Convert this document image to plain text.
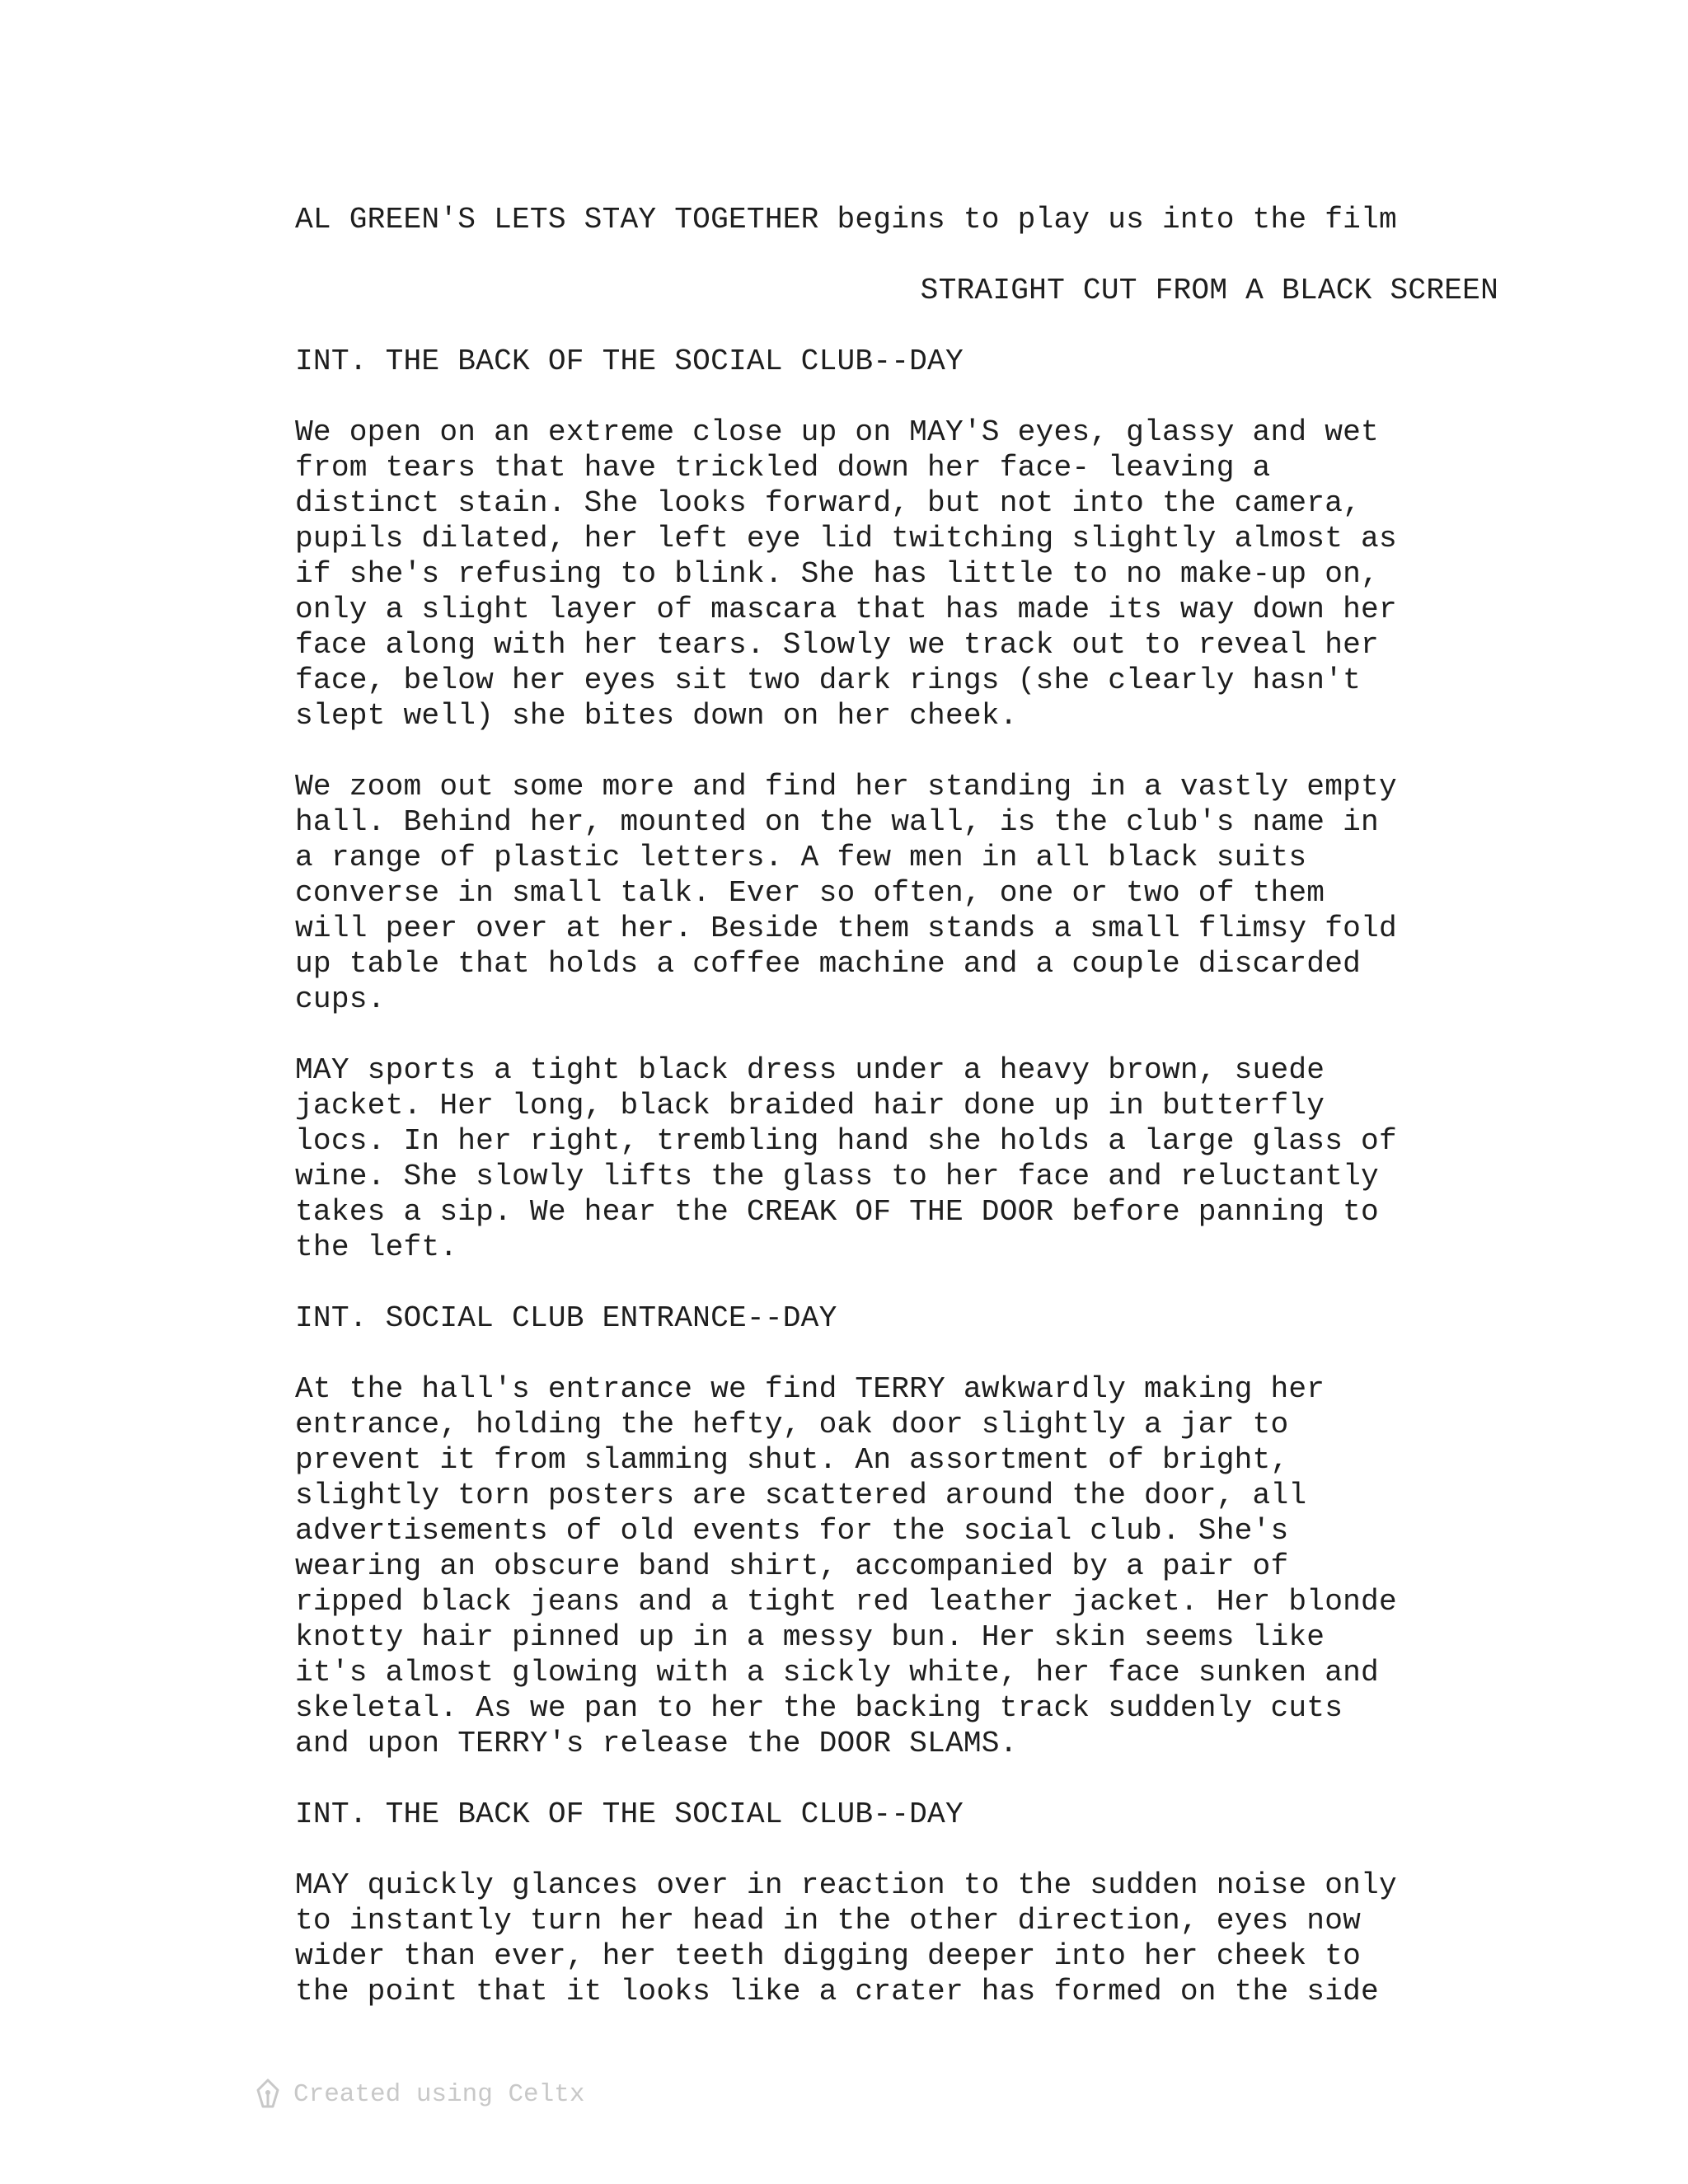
AL GREEN'S LETS STAY TOGETHER begins to play us into the film
STRAIGHT CUT FROM A BLACK SCREEN
INT. THE BACK OF THE SOCIAL CLUB--DAY
We open on an extreme close up on MAY'S eyes, glassy and wet
from tears that have trickled down her face- leaving a
distinct stain. She looks forward, but not into the camera,
pupils dilated, her left eye lid twitching slightly almost as
if she's refusing to blink. She has little to no make-up on,
only a slight layer of mascara that has made its way down her
face along with her tears. Slowly we track out to reveal her
face, below her eyes sit two dark rings (she clearly hasn't
slept well) she bites down on her cheek.
We zoom out some more and find her standing in a vastly empty
hall. Behind her, mounted on the wall, is the club's name in
a range of plastic letters. A few men in all black suits
converse in small talk. Ever so often, one or two of them
will peer over at her. Beside them stands a small flimsy fold
up table that holds a coffee machine and a couple discarded
cups.
MAY sports a tight black dress under a heavy brown, suede
jacket. Her long, black braided hair done up in butterfly
locs. In her right, trembling hand she holds a large glass of
wine. She slowly lifts the glass to her face and reluctantly
takes a sip. We hear the CREAK OF THE DOOR before panning to
the left.
INT. SOCIAL CLUB ENTRANCE--DAY
At the hall's entrance we find TERRY awkwardly making her
entrance, holding the hefty, oak door slightly a jar to
prevent it from slamming shut. An assortment of bright,
slightly torn posters are scattered around the door, all
advertisements of old events for the social club. She's
wearing an obscure band shirt, accompanied by a pair of
ripped black jeans and a tight red leather jacket. Her blonde
knotty hair pinned up in a messy bun. Her skin seems like
it's almost glowing with a sickly white, her face sunken and
skeletal. As we pan to her the backing track suddenly cuts
and upon TERRY's release the DOOR SLAMS.
INT. THE BACK OF THE SOCIAL CLUB--DAY
MAY quickly glances over in reaction to the sudden noise only
to instantly turn her head in the other direction, eyes now
wider than ever, her teeth digging deeper into her cheek to
the point that it looks like a crater has formed on the side
Created using Celtx
